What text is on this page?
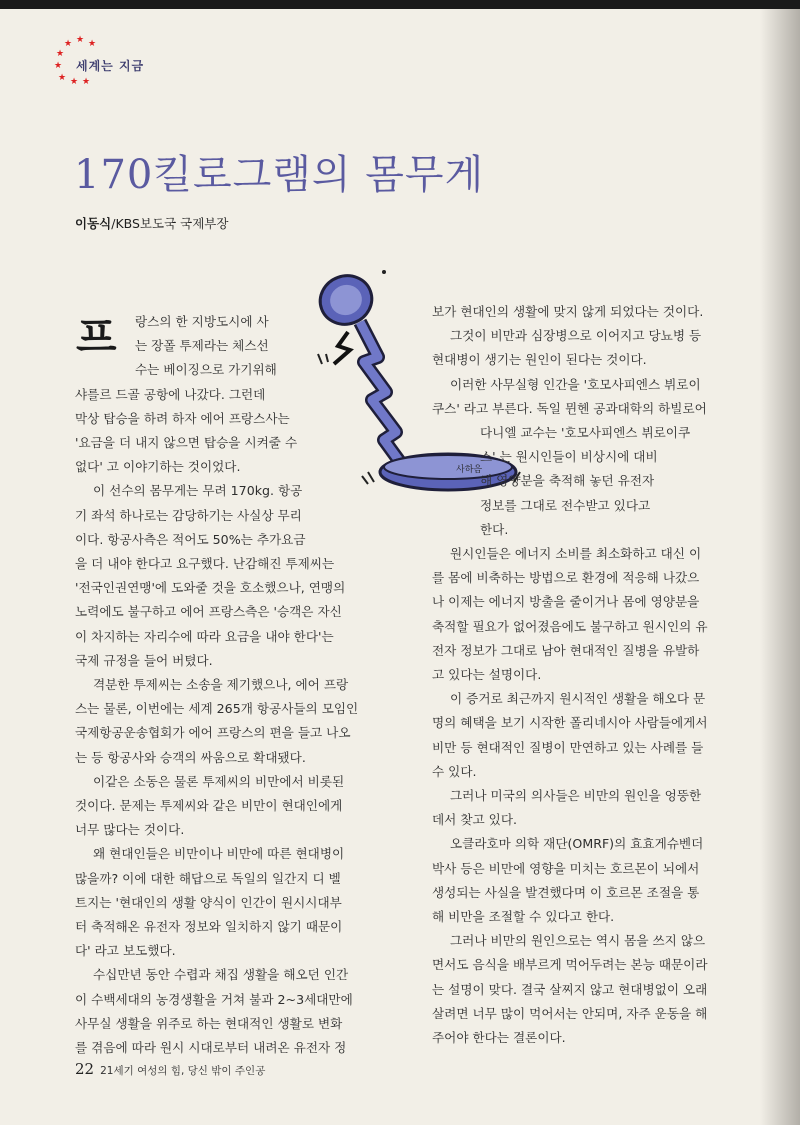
★ ★ ★
★
★
★ ★ ★
세계는 지금
170킬로그램의 몸무게
이동식/KBS보도국 국제부장
사하음
프	랑스의 한 지방도시에 사

는 장폴 투제라는 체스선

수는 베이징으로 가기위해

샤를르 드골 공항에 나갔다. 그런데

막상 탑승을 하려 하자 에어 프랑스사는

'요금을 더 내지 않으면 탑승을 시켜줄 수

없다' 고 이야기하는 것이었다.

이 선수의 몸무게는 무려 170kg. 항공

기 좌석 하나로는 감당하기는 사실상 무리

이다. 항공사측은 적어도 50%는 추가요금

을 더 내야 한다고 요구했다. 난감해진 투제씨는

'전국인권연맹'에 도와줄 것을 호소했으나, 연맹의

노력에도 불구하고 에어 프랑스측은 '승객은 자신

이 차지하는 자리수에 따라 요금을 내야 한다'는

국제 규정을 들어 버텼다.

격분한 투제씨는 소송을 제기했으나, 에어 프랑

스는 물론, 이번에는 세계 265개 항공사들의 모임인

국제항공운송협회가 에어 프랑스의 편을 들고 나오

는 등 항공사와 승객의 싸움으로 확대됐다.

이같은 소동은 물론 투제씨의 비만에서 비롯된

것이다. 문제는 투제씨와 같은 비만이 현대인에게

너무 많다는 것이다.

왜 현대인들은 비만이나 비만에 따른 현대병이

많을까? 이에 대한 해답으로 독일의 일간지 디 벨

트지는 '현대인의 생활 양식이 인간이 원시시대부

터 축적해온 유전자 정보와 일치하지 않기 때문이

다' 라고 보도했다.

수십만년 동안 수렵과 채집 생활을 해오던 인간

이 수백세대의 농경생활을 거쳐 불과 2~3세대만에

사무실 생활을 위주로 하는 현대적인 생활로 변화

를 겪음에 따라 원시 시대로부터 내려온 유전자 정

보가 현대인의 생활에 맞지 않게 되었다는 것이다.

그것이 비만과 심장병으로 이어지고 당뇨병 등

현대병이 생기는 원인이 된다는 것이다.

이러한 사무실형 인간을 '호모사피엔스 뷔로이

쿠스' 라고 부른다. 독일 뮌헨 공과대학의 하빌로어

다니엘 교수는 '호모사피엔스 뷔로이쿠

스' 는 원시인들이 비상시에 대비

해 영양분을 축적해 놓던 유전자

정보를 그대로 전수받고 있다고

한다.

원시인들은 에너지 소비를 최소화하고 대신 이

를 몸에 비축하는 방법으로 환경에 적응해 나갔으

나 이제는 에너지 방출을 줄이거나 몸에 영양분을

축적할 필요가 없어졌음에도 불구하고 원시인의 유

전자 정보가 그대로 남아 현대적인 질병을 유발하

고 있다는 설명이다.

이 증거로 최근까지 원시적인 생활을 해오다 문

명의 혜택을 보기 시작한 폴리네시아 사람들에게서

비만 등 현대적인 질병이 만연하고 있는 사례를 들

수 있다.

그러나 미국의 의사들은 비만의 원인을 엉뚱한

데서 찾고 있다.

오클라호마 의학 재단(OMRF)의 효효게슈벤더

박사 등은 비만에 영향을 미치는 호르몬이 뇌에서

생성되는 사실을 발견했다며 이 호르몬 조절을 통

해 비만을 조절할 수 있다고 한다.

그러나 비만의 원인으로는 역시 몸을 쓰지 않으

면서도 음식을 배부르게 먹어두려는 본능 때문이라

는 설명이 맞다. 결국 살찌지 않고 현대병없이 오래

살려면 너무 많이 먹어서는 안되며, 자주 운동을 해

주어야 한다는 결론이다.

22 21세기 여성의 힘, 당신 밖이 주인공
